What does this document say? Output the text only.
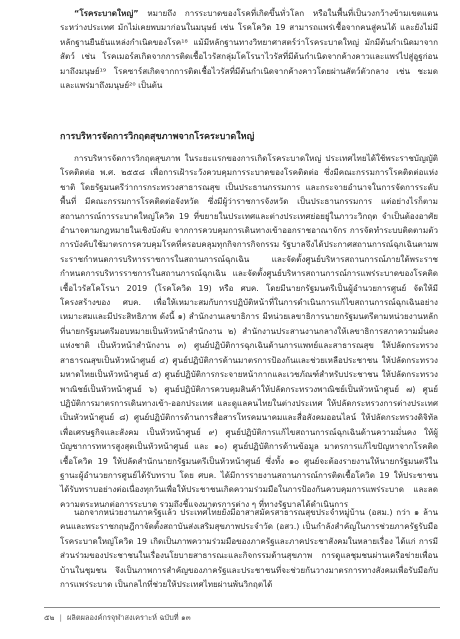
“โรคระบาดใหญ่” หมายถึง การระบาดของโรคที่เกิดขึ้นทั่วโลก หรือในพื้นที่เป็นวงกว้างข้ามเขตแดนระหว่างประเทศ มักไม่เคยพบมาก่อนในมนุษย์ เช่น โรคโควิด 19 สามารถแพร่เชื้อจากคนสู่คนได้ และยังไม่มีหลักฐานยืนยันแหล่งกำเนิดของโรค¹⁸ แม้มีหลักฐานทางวิทยาศาสตร์ว่าโรคระบาดใหญ่ มักมีต้นกำเนิดมาจากสัตว์ เช่น โรคเมอร์สเกิดจากการติดเชื้อไวรัสกลุ่มโคโรนาไวรัสที่มีต้นกำเนิดจากค้างคาวและแพร่ไปสู่อูฐก่อนมาถึงมนุษย์¹⁹ โรคซาร์สเกิดจากการติดเชื้อไวรัสที่มีต้นกำเนิดจากค้างคาวโดยผ่านสัตว์ตัวกลาง เช่น ชะมด และแพร่มาถึงมนุษย์²⁰ เป็นต้น

การบริหารจัดการวิกฤตสุขภาพจากโรคระบาดใหญ่

การบริหารจัดการวิกฤตสุขภาพ ในระยะแรกของการเกิดโรคระบาดใหญ่ ประเทศไทยได้ใช้พระราชบัญญัติโรคติดต่อ พ.ศ. ๒๕๕๘ เพื่อการเฝ้าระวังควบคุมการระบาดของโรคติดต่อ ซึ่งมีคณะกรรมการโรคติดต่อแห่งชาติ โดยรัฐมนตรีว่าการกระทรวงสาธารณสุข เป็นประธานกรรมการ และกระจายอำนาจในการจัดการระดับพื้นที่ มีคณะกรรมการโรคติดต่อจังหวัด ซึ่งมีผู้ว่าราชการจังหวัด เป็นประธานกรรมการ แต่อย่างไรก็ตาม สถานการณ์การระบาดใหญ่โควิด 19 ที่ขยายในประเทศและต่างประเทศย่อยยู่ในภาวะวิกฤต จำเป็นต้องอาศัยอำนาจตามกฎหมายในเชิงบังคับ จากการควบคุมการเดินทางเข้าออกราชอาณาจักร การจัดทำระบบติดตามตัว การบังคับใช้มาตรการควบคุมโรคที่ครอบคลุมทุกกิจการกิจกรรม รัฐบาลจึงได้ประกาศสถานการณ์ฉุกเฉินตามพระราชกำหนดการบริหารราชการในสถานการณ์ฉุกเฉิน และจัดตั้งศูนย์บริหารสถานการณ์ภายใต้พระราชกำหนดการบริหารราชการในสถานการณ์ฉุกเฉิน และจัดตั้งศูนย์บริหารสถานการณ์การแพร่ระบาดของโรคติดเชื้อไวรัสโคโรนา 2019 (โรคโควิด 19) หรือ ศบค. โดยมีนายกรัฐมนตรีเป็นผู้อำนวยการศูนย์ จัดให้มีโครงสร้างของ ศบค. เพื่อให้เหมาะสมกับการปฏิบัติหน้าที่ในการดำเนินการแก้ไขสถานการณ์ฉุกเฉินอย่างเหมาะสมและมีประสิทธิภาพ ดังนี้ ๑) สำนักงานเลขาธิการ มีหน่วยเลขาธิการนายกรัฐมนตรีตามหน่วยงานหลัก ที่นายกรัฐมนตรีมอบหมายเป็นหัวหน้าสำนักงาน ๒) สำนักงานประสานงานกลางให้เลขาธิการสภาความมั่นคงแห่งชาติ เป็นหัวหน้าสำนักงาน ๓) ศูนย์ปฏิบัติการฉุกเฉินด้านการแพทย์และสาธารณสุข ให้ปลัดกระทรวงสาธารณสุขเป็นหัวหน้าศูนย์ ๔) ศูนย์ปฏิบัติการด้านมาตรการป้องกันและช่วยเหลือประชาชน ให้ปลัดกระทรวงมหาดไทยเป็นหัวหน้าศูนย์ ๕) ศูนย์ปฏิบัติการกระจายหน้ากากและเวชภัณฑ์สำหรับประชาชน ให้ปลัดกระทรวงพาณิชย์เป็นหัวหน้าศูนย์ ๖) ศูนย์ปฏิบัติการควบคุมสินค้าให้ปลัดกระทรวงพาณิชย์เป็นหัวหน้าศูนย์ ๗) ศูนย์ปฏิบัติการมาตรการเดินทางเข้า-ออกประเทศ และดูแลคนไทยในต่างประเทศ ให้ปลัดกระทรวงการต่างประเทศเป็นหัวหน้าศูนย์ ๘) ศูนย์ปฏิบัติการด้านการสื่อสารโทรคมนาคมและสื่อสังคมออนไลน์ ให้ปลัดกระทรวงดิจิทัลเพื่อเศรษฐกิจและสังคม เป็นหัวหน้าศูนย์ ๙) ศูนย์ปฏิบัติการแก้ไขสถานการณ์ฉุกเฉินด้านความมั่นคง ให้ผู้บัญชาการทหารสูงสุดเป็นหัวหน้าศูนย์ และ ๑๐) ศูนย์ปฏิบัติการด้านข้อมูล มาตรการแก้ไขปัญหาจากโรคติดเชื้อโควิด 19 ให้ปลัดสำนักนายกรัฐมนตรีเป็นหัวหน้าศูนย์ ซึ่งทั้ง ๑๐ ศูนย์จะต้องรายงานให้นายกรัฐมนตรีในฐานะผู้อำนวยการศูนย์ได้รับทราบ โดย ศบค. ได้มีการรายงานสถานการณ์การติดเชื้อโควิด 19 ให้ประชาชนได้รับทราบอย่างต่อเนื่องทุกวันเพื่อให้ประชาชนเกิดความร่วมมือในการป้องกันควบคุมการแพร่ระบาด และลดความตระหนกต่อการระบาด รวมถึงชี้แจงมาตรการต่าง ๆ ที่ทางรัฐบาลได้ดำเนินการ

นอกจากหน่วยงานภาครัฐแล้ว ประเทศไทยยังมีอาสาสมัครสาธารณสุขประจำหมู่บ้าน (อสม.) กว่า ๑ ล้านคนและพระราชกฤษฎีกาจัดตั้งสถาบันส่งเสริมสุขภาพประจำวัด (อสว.) เป็นกำลังสำคัญในการช่วยภาครัฐรับมือโรคระบาดใหญ่โควิด 19 เกิดเป็นภาพความร่วมมือของภาครัฐและภาคประชาสังคมในหลายเรื่อง ได้แก่ การมีส่วนร่วมของประชาชนในเรื่องนโยบายสาธารณะและกิจกรรมด้านสุขภาพ การดูแลชุมชนผ่านเครือข่ายเพื่อนบ้านในชุมชน จึงเป็นภาพการสำคัญของภาครัฐและประชาชนที่จะช่วยกันวางมาตรการทางสังคมเพื่อรับมือกับการแพร่ระบาด เป็นกลไกที่ช่วยให้ประเทศไทยผ่านพ้นวิกฤตได้

๕๒ | ผลิตผลองค์กรจุฬาสงเคราะห์ ฉบับที่ ๑๓
